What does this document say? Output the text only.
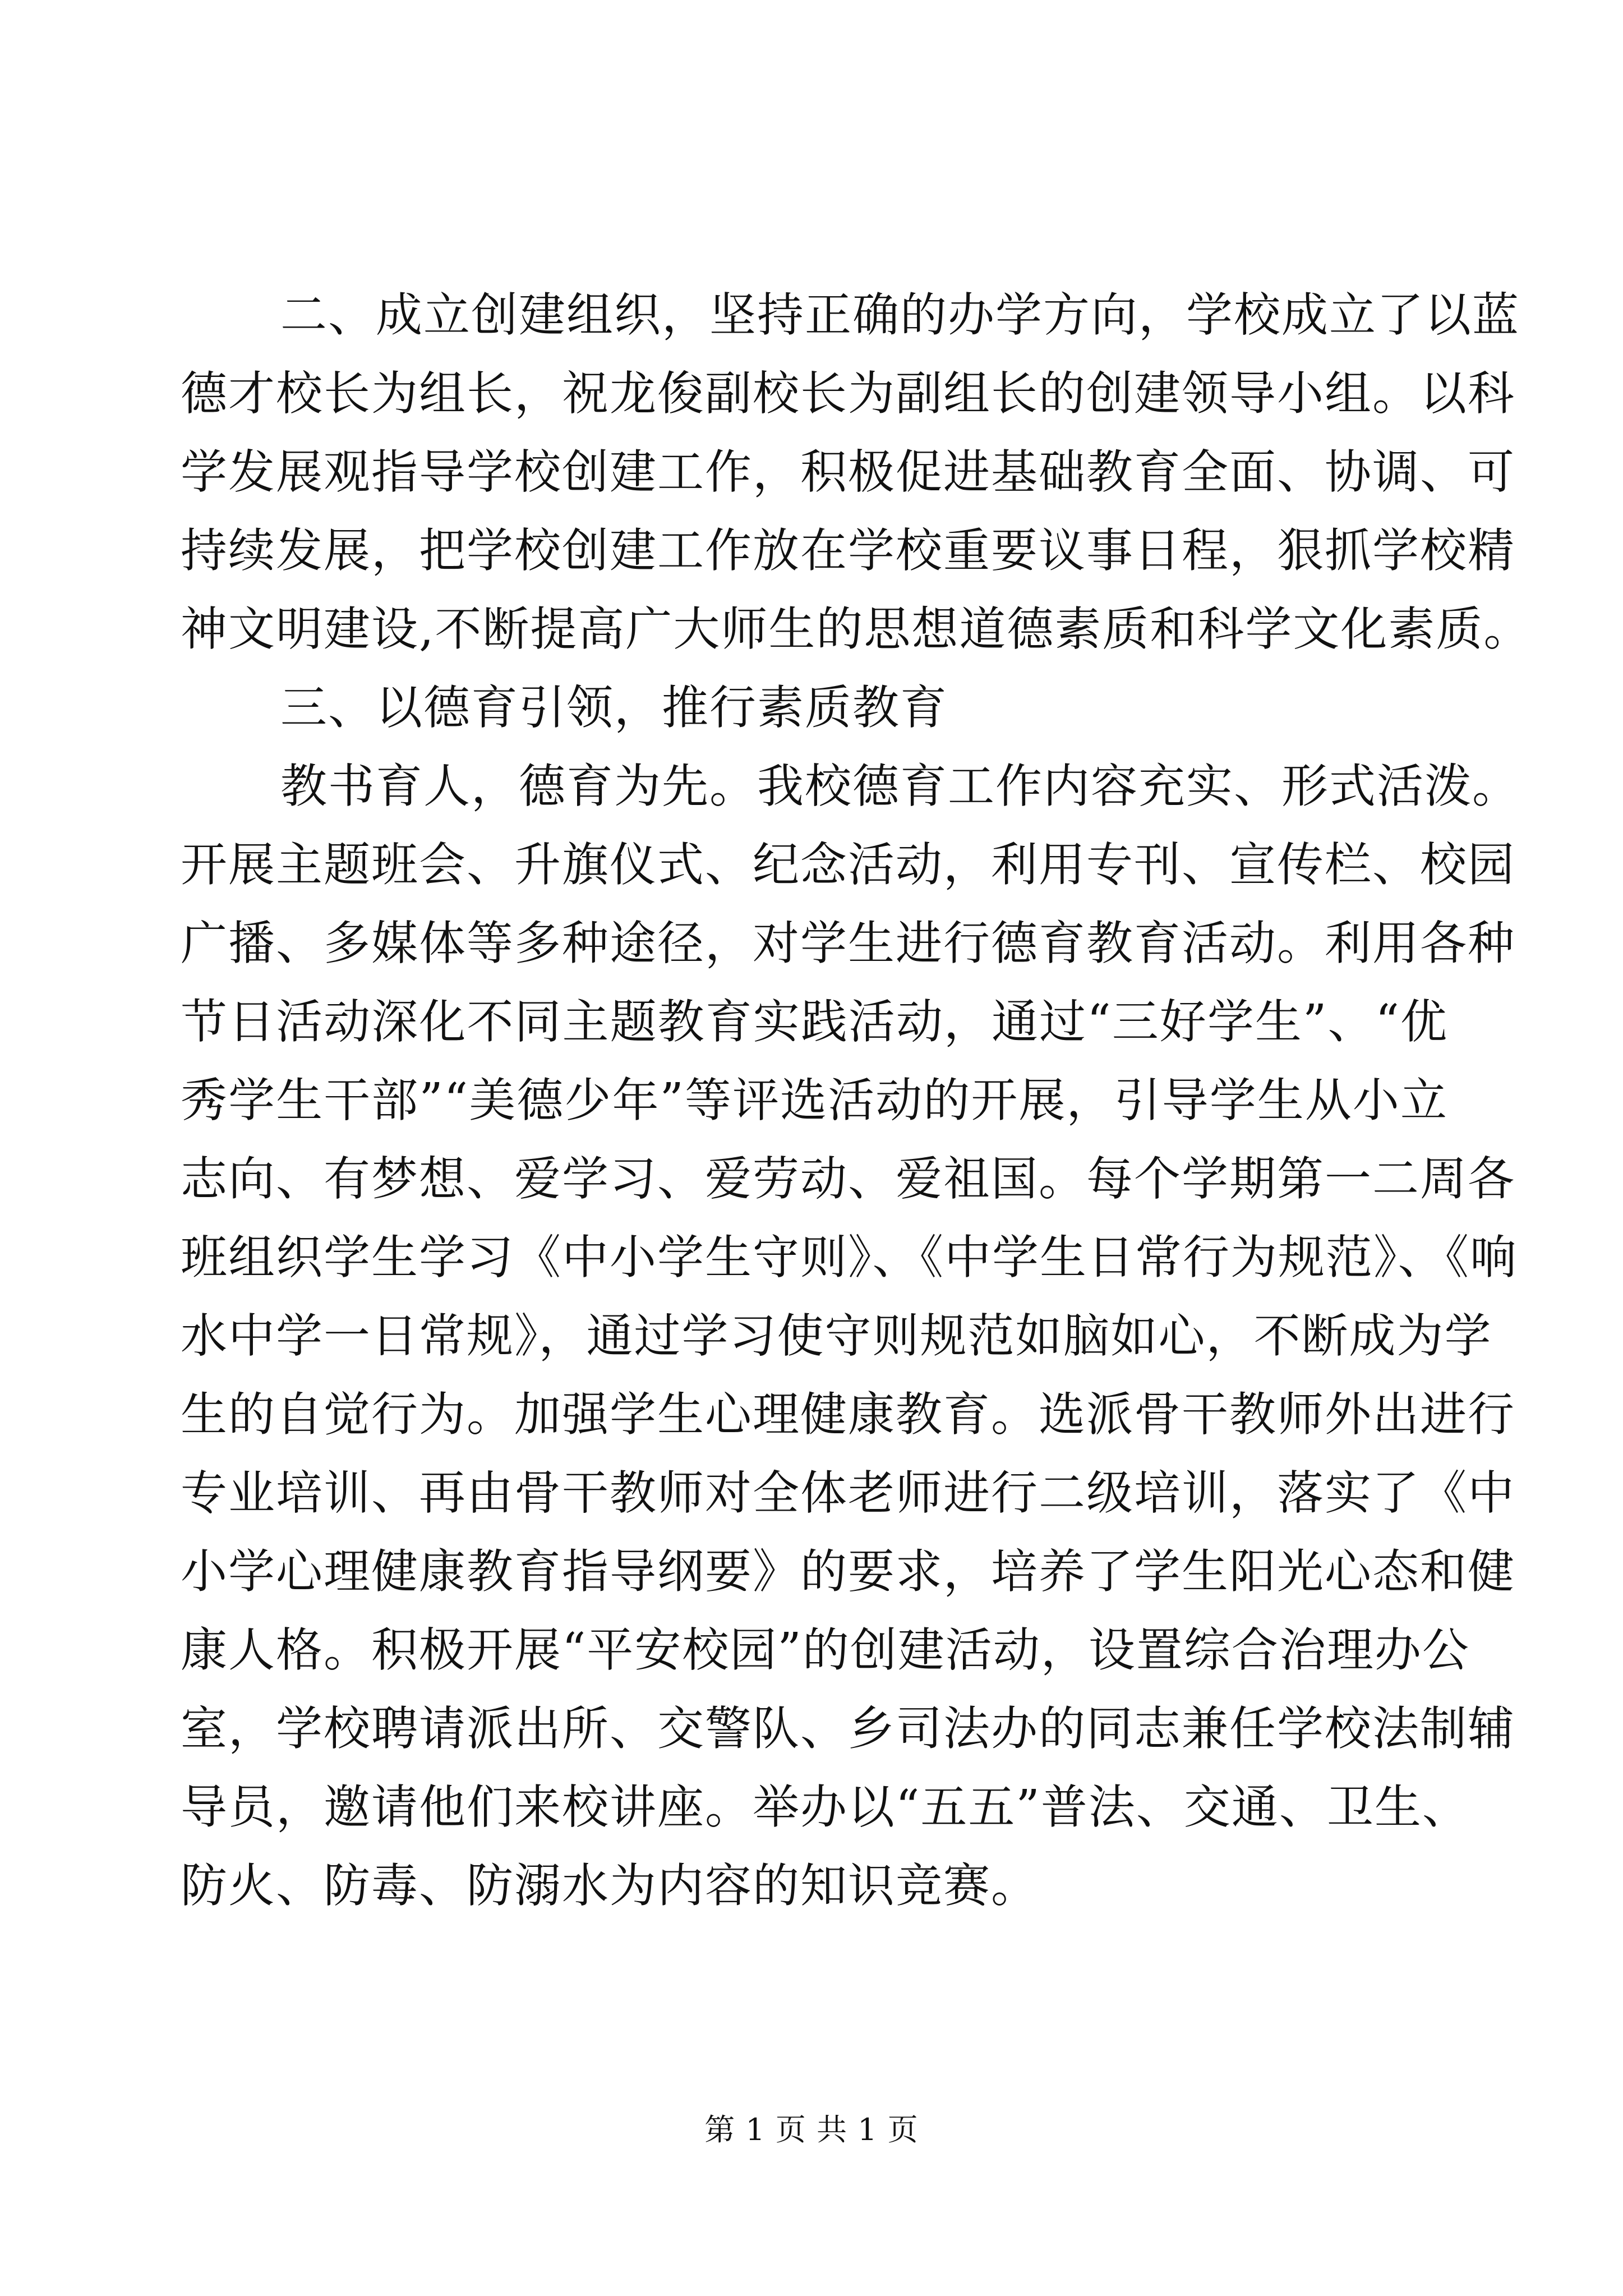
二、成立创建组织，坚持正确的办学方向，学校成立了以蓝

德才校长为组长，祝龙俊副校长为副组长的创建领导小组。以科

学发展观指导学校创建工作，积极促进基础教育全面、协调、可

持续发展，把学校创建工作放在学校重要议事日程，狠抓学校精

神文明建设,不断提高广大师生的思想道德素质和科学文化素质。

三、以德育引领，推行素质教育

教书育人，德育为先。我校德育工作内容充实、形式活泼。

开展主题班会、升旗仪式、纪念活动，利用专刊、宣传栏、校园

广播、多媒体等多种途径，对学生进行德育教育活动。利用各种

节日活动深化不同主题教育实践活动，通过“三好学生”、“优

秀学生干部”“美德少年”等评选活动的开展，引导学生从小立

志向、有梦想、爱学习、爱劳动、爱祖国。每个学期第一二周各

班组织学生学习《中小学生守则》、《中学生日常行为规范》、《响

水中学一日常规》，通过学习使守则规范如脑如心，不断成为学

生的自觉行为。加强学生心理健康教育。选派骨干教师外出进行

专业培训、再由骨干教师对全体老师进行二级培训，落实了《中

小学心理健康教育指导纲要》的要求，培养了学生阳光心态和健

康人格。积极开展“平安校园”的创建活动，设置综合治理办公

室，学校聘请派出所、交警队、乡司法办的同志兼任学校法制辅

导员，邀请他们来校讲座。举办以“五五”普法、交通、卫生、

防火、防毒、防溺水为内容的知识竞赛。

第 1 页 共 1 页
